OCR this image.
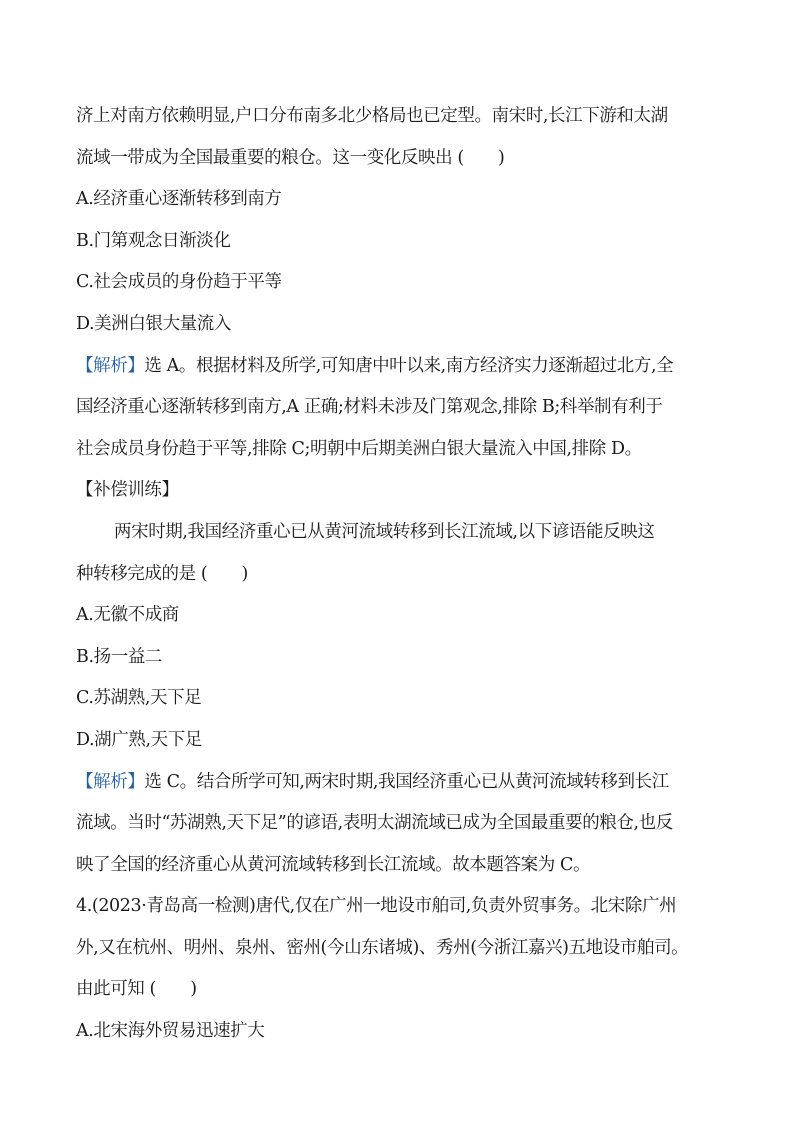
济上对南方依赖明显,户口分布南多北少格局也已定型。南宋时,长江下游和太湖
流域一带成为全国最重要的粮仓。这一变化反映出 (　　)
A.经济重心逐渐转移到南方
B.门第观念日渐淡化
C.社会成员的身份趋于平等
D.美洲白银大量流入
【解析】选 A。根据材料及所学,可知唐中叶以来,南方经济实力逐渐超过北方,全
国经济重心逐渐转移到南方,A 正确;材料未涉及门第观念,排除 B;科举制有利于
社会成员身份趋于平等,排除 C;明朝中后期美洲白银大量流入中国,排除 D。
【补偿训练】
两宋时期,我国经济重心已从黄河流域转移到长江流域,以下谚语能反映这
种转移完成的是 (　　)
A.无徽不成商
B.扬一益二
C.苏湖熟,天下足
D.湖广熟,天下足
【解析】选 C。结合所学可知,两宋时期,我国经济重心已从黄河流域转移到长江
流域。当时“苏湖熟,天下足”的谚语,表明太湖流域已成为全国最重要的粮仓,也反
映了全国的经济重心从黄河流域转移到长江流域。故本题答案为 C。
4.(2023·青岛高一检测)唐代,仅在广州一地设市舶司,负责外贸事务。北宋除广州
外,又在杭州、明州、泉州、密州(今山东诸城)、秀州(今浙江嘉兴)五地设市舶司。
由此可知 (　　)
A.北宋海外贸易迅速扩大
